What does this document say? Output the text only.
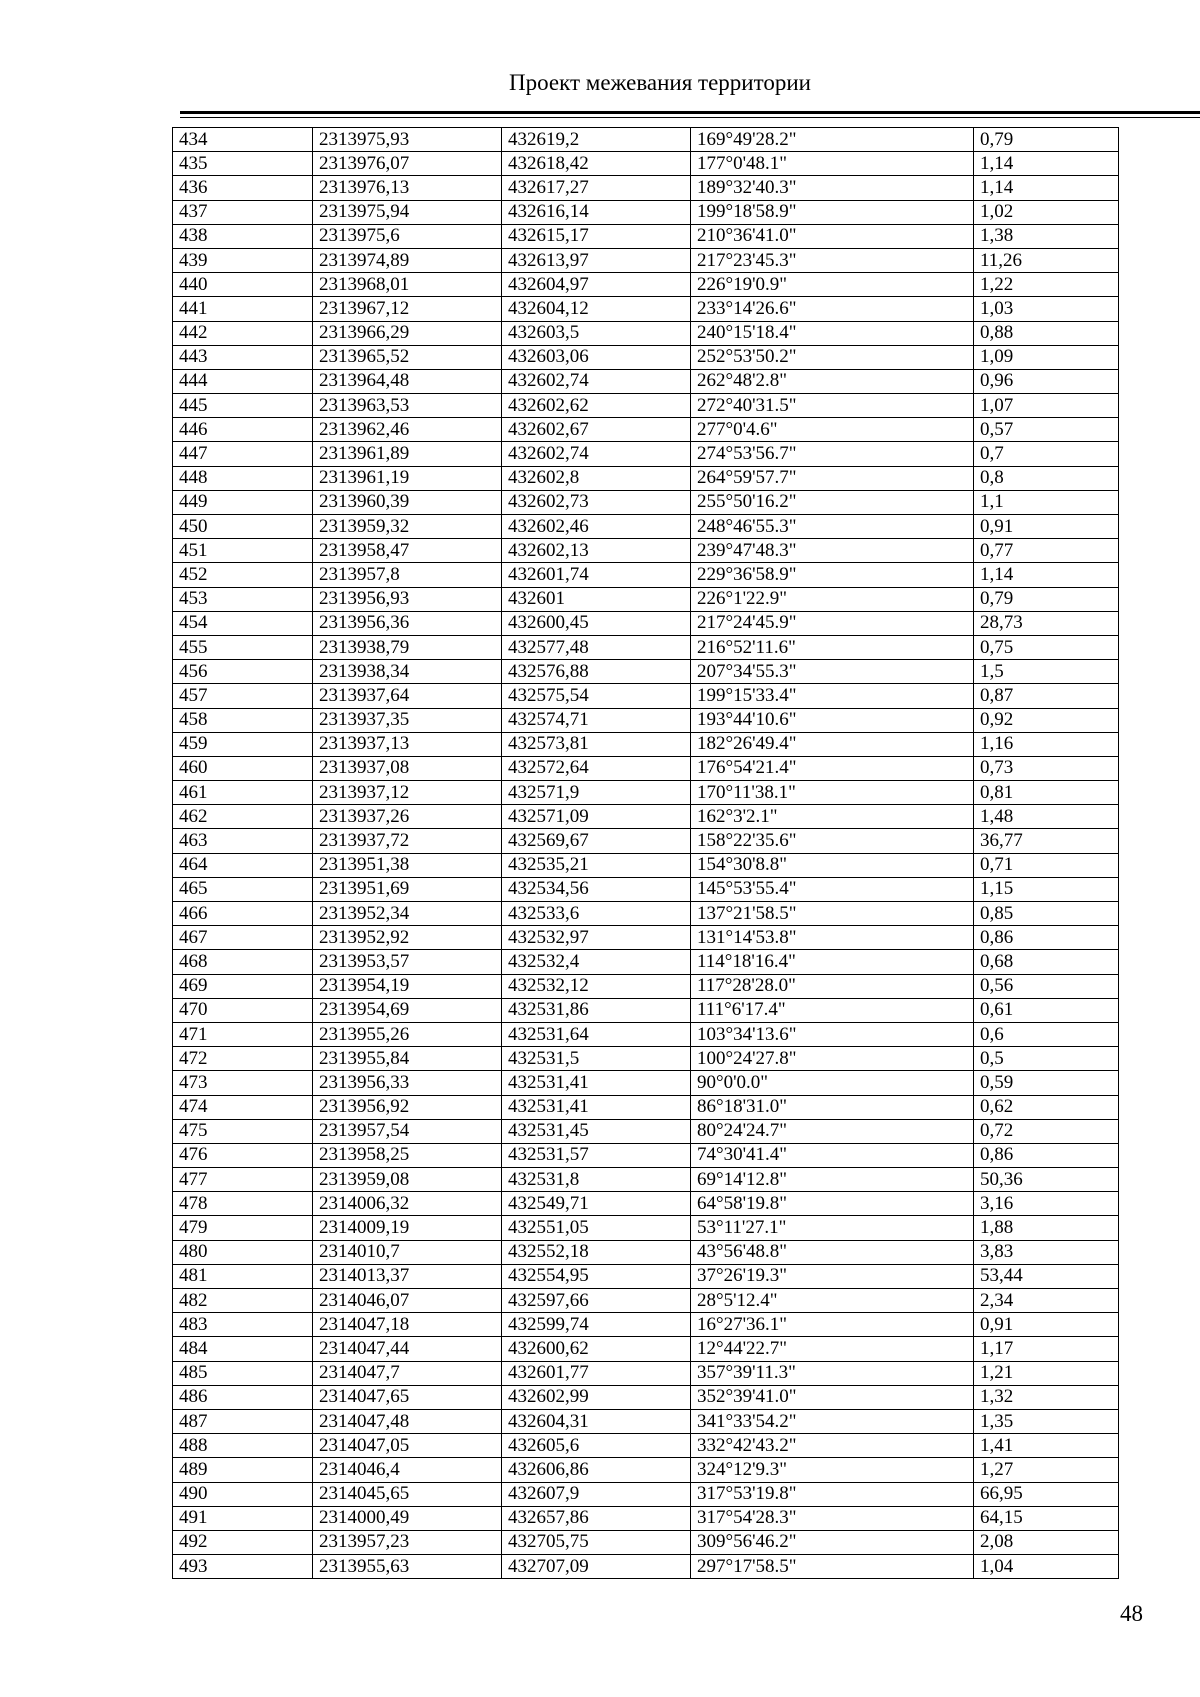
Проект межевания территории
434	2313975,93	432619,2	169°49'28.2"	0,79
435	2313976,07	432618,42	177°0'48.1"	1,14
436	2313976,13	432617,27	189°32'40.3"	1,14
437	2313975,94	432616,14	199°18'58.9"	1,02
438	2313975,6	432615,17	210°36'41.0"	1,38
439	2313974,89	432613,97	217°23'45.3"	11,26
440	2313968,01	432604,97	226°19'0.9"	1,22
441	2313967,12	432604,12	233°14'26.6"	1,03
442	2313966,29	432603,5	240°15'18.4"	0,88
443	2313965,52	432603,06	252°53'50.2"	1,09
444	2313964,48	432602,74	262°48'2.8"	0,96
445	2313963,53	432602,62	272°40'31.5"	1,07
446	2313962,46	432602,67	277°0'4.6"	0,57
447	2313961,89	432602,74	274°53'56.7"	0,7
448	2313961,19	432602,8	264°59'57.7"	0,8
449	2313960,39	432602,73	255°50'16.2"	1,1
450	2313959,32	432602,46	248°46'55.3"	0,91
451	2313958,47	432602,13	239°47'48.3"	0,77
452	2313957,8	432601,74	229°36'58.9"	1,14
453	2313956,93	432601	226°1'22.9"	0,79
454	2313956,36	432600,45	217°24'45.9"	28,73
455	2313938,79	432577,48	216°52'11.6"	0,75
456	2313938,34	432576,88	207°34'55.3"	1,5
457	2313937,64	432575,54	199°15'33.4"	0,87
458	2313937,35	432574,71	193°44'10.6"	0,92
459	2313937,13	432573,81	182°26'49.4"	1,16
460	2313937,08	432572,64	176°54'21.4"	0,73
461	2313937,12	432571,9	170°11'38.1"	0,81
462	2313937,26	432571,09	162°3'2.1"	1,48
463	2313937,72	432569,67	158°22'35.6"	36,77
464	2313951,38	432535,21	154°30'8.8"	0,71
465	2313951,69	432534,56	145°53'55.4"	1,15
466	2313952,34	432533,6	137°21'58.5"	0,85
467	2313952,92	432532,97	131°14'53.8"	0,86
468	2313953,57	432532,4	114°18'16.4"	0,68
469	2313954,19	432532,12	117°28'28.0"	0,56
470	2313954,69	432531,86	111°6'17.4"	0,61
471	2313955,26	432531,64	103°34'13.6"	0,6
472	2313955,84	432531,5	100°24'27.8"	0,5
473	2313956,33	432531,41	90°0'0.0"	0,59
474	2313956,92	432531,41	86°18'31.0"	0,62
475	2313957,54	432531,45	80°24'24.7"	0,72
476	2313958,25	432531,57	74°30'41.4"	0,86
477	2313959,08	432531,8	69°14'12.8"	50,36
478	2314006,32	432549,71	64°58'19.8"	3,16
479	2314009,19	432551,05	53°11'27.1"	1,88
480	2314010,7	432552,18	43°56'48.8"	3,83
481	2314013,37	432554,95	37°26'19.3"	53,44
482	2314046,07	432597,66	28°5'12.4"	2,34
483	2314047,18	432599,74	16°27'36.1"	0,91
484	2314047,44	432600,62	12°44'22.7"	1,17
485	2314047,7	432601,77	357°39'11.3"	1,21
486	2314047,65	432602,99	352°39'41.0"	1,32
487	2314047,48	432604,31	341°33'54.2"	1,35
488	2314047,05	432605,6	332°42'43.2"	1,41
489	2314046,4	432606,86	324°12'9.3"	1,27
490	2314045,65	432607,9	317°53'19.8"	66,95
491	2314000,49	432657,86	317°54'28.3"	64,15
492	2313957,23	432705,75	309°56'46.2"	2,08
493	2313955,63	432707,09	297°17'58.5"	1,04
48
